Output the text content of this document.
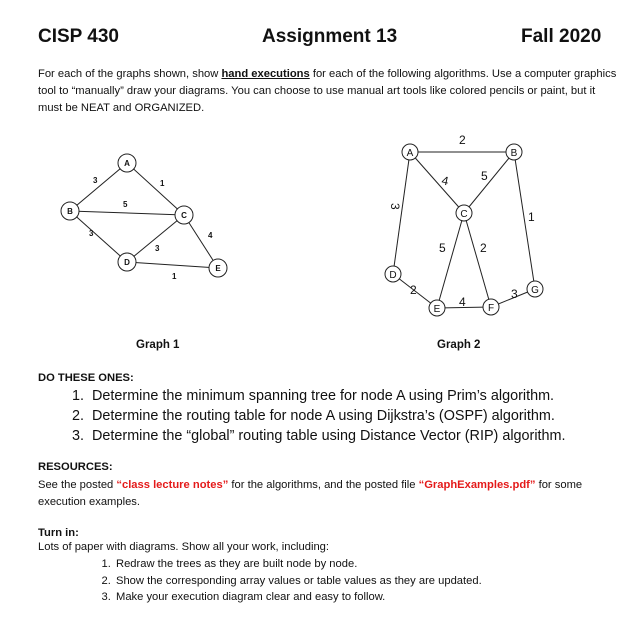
CISP 430	Assignment 13	Fall 2020
For each of the graphs shown, show hand executions for each of the following algorithms. Use a computer graphics tool to “manually” draw your diagrams. You can choose to use manual art tools like colored pencils or paint, but it must be NEAT and ORGANIZED.
3	1
5
3
3
1
4
A
B	C
D
E
2
4	5
3
1
5	2
2
4
3
A	B
C
D
E	F
G
Graph 1	Graph 2
DO THESE ONES:
1. Determine the minimum spanning tree for node A using Prim’s algorithm.
2. Determine the routing table for node A using Dijkstra’s (OSPF) algorithm.
3. Determine the “global” routing table using Distance Vector (RIP) algorithm.
RESOURCES:
See the posted “class lecture notes” for the algorithms, and the posted file “GraphExamples.pdf” for some execution examples.
Turn in:
Lots of paper with diagrams. Show all your work, including:
1. Redraw the trees as they are built node by node.
2. Show the corresponding array values or table values as they are updated.
3. Make your execution diagram clear and easy to follow.
